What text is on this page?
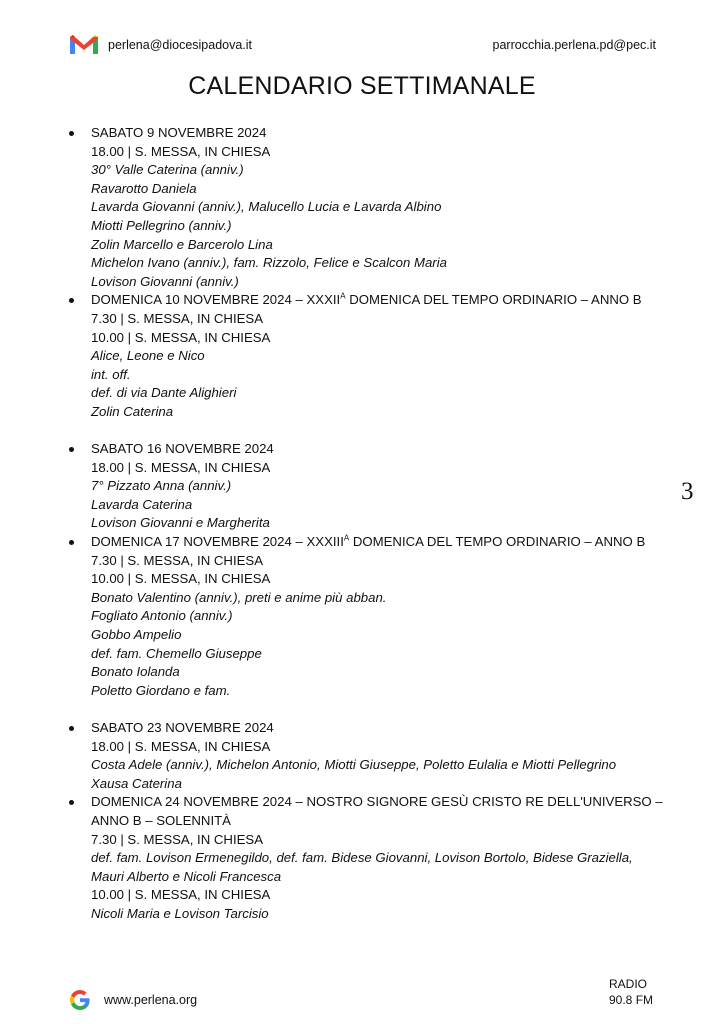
perlena@diocesipadova.it	parrocchia.perlena.pd@pec.it
CALENDARIO SETTIMANALE
SABATO 9 NOVEMBRE 2024
18.00 | S. MESSA, IN CHIESA
30° Valle Caterina (anniv.)
Ravarotto Daniela
Lavarda Giovanni (anniv.), Malucello Lucia e Lavarda Albino
Miotti Pellegrino (anniv.)
Zolin Marcello e Barcerolo Lina
Michelon Ivano (anniv.), fam. Rizzolo, Felice e Scalcon Maria
Lovison Giovanni (anniv.)
DOMENICA 10 NOVEMBRE $2024 - XXXII^A$ DOMENICA DEL TEMPO ORDINARIO – ANNO B
7.30 | S. MESSA, IN CHIESA
10.00 | S. MESSA, IN CHIESA
Alice, Leone e Nico
int. off.
def. di via Dante Alighieri
Zolin Caterina
SABATO 16 NOVEMBRE 2024
18.00 | S. MESSA, IN CHIESA
7° Pizzato Anna (anniv.)
Lavarda Caterina
Lovison Giovanni e Margherita
DOMENICA 17 NOVEMBRE $2024 - XXXIII^A$ DOMENICA DEL TEMPO ORDINARIO – ANNO B
7.30 | S. MESSA, IN CHIESA
10.00 | S. MESSA, IN CHIESA
Bonato Valentino (anniv.), preti e anime più abban.
Fogliato Antonio (anniv.)
Gobbo Ampelio
def. fam. Chemello Giuseppe
Bonato Iolanda
Poletto Giordano e fam.
SABATO 23 NOVEMBRE 2024
18.00 | S. MESSA, IN CHIESA
Costa Adele (anniv.), Michelon Antonio, Miotti Giuseppe, Poletto Eulalia e Miotti Pellegrino
Xausa Caterina
DOMENICA 24 NOVEMBRE 2024 – NOSTRO SIGNORE GESÙ CRISTO RE DELL'UNIVERSO – ANNO B – SOLENNITÀ
7.30 | S. MESSA, IN CHIESA
def. fam. Lovison Ermenegildo, def. fam. Bidese Giovanni, Lovison Bortolo, Bidese Graziella, Mauri Alberto e Nicoli Francesca
10.00 | S. MESSA, IN CHIESA
Nicoli Maria e Lovison Tarcisio
3
www.perlena.org
RADIO
90.8 FM
